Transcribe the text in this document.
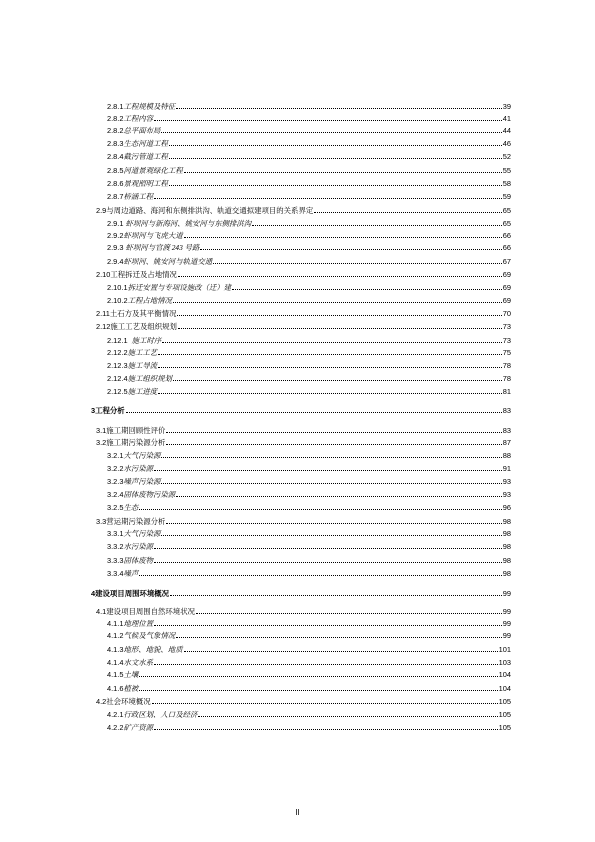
2.8.1 工程规模及特征	39
2.8.2 工程内容	41
2.8.2 总平面布局	44
2.8.3 生态河道工程	46
2.8.4 截污管道工程	52
2.8.5 河道景观绿化工程	55
2.8.6 景观照明工程	58
2.8.7 桥涵工程	59
2.9 与周边道路、海河和东侧排洪沟、轨道交通拟建项目的关系界定	65
2.9.1 虾坝河与新海河、姚安河与东侧排洪沟	65
2.9.2 虾坝河与飞虎大道	66
2.9.3 虾坝河与官渡 243 号路	66
2.9.4 虾坝河、姚安河与轨道交通	67
2.10 工程拆迁及占地情况	69
2.10.1 拆迁安置与专项设施改（迁）建	69
2.10.2 工程占地情况	69
2.11 土石方及其平衡情况	70
2.12 施工工艺及组织规划	73
2.12.1 施工时序	73
2.12.2 施工工艺	75
2.12.3 施工导流	78
2.12.4 施工组织规划	78
2.12.5 施工进度	81
3 工程分析	83
3.1 施工期回顾性评价	83
3.2 施工期污染源分析	87
3.2.1 大气污染源	88
3.2.2 水污染源	91
3.2.3 噪声污染源	93
3.2.4 固体废物污染源	93
3.2.5 生态	96
3.3 营运期污染源分析	98
3.3.1 大气污染源	98
3.3.2 水污染源	98
3.3.3 固体废物	98
3.3.4 噪声	98
4 建设项目周围环境概况	99
4.1 建设项目周围自然环境状况	99
4.1.1 地理位置	99
4.1.2 气候及气象情况	99
4.1.3 地形、地貌、地质	101
4.1.4 水文水系	103
4.1.5 土壤	104
4.1.6 植被	104
4.2 社会环境概况	105
4.2.1 行政区划、人口及经济	105
4.2.2 矿产资源	105
II
